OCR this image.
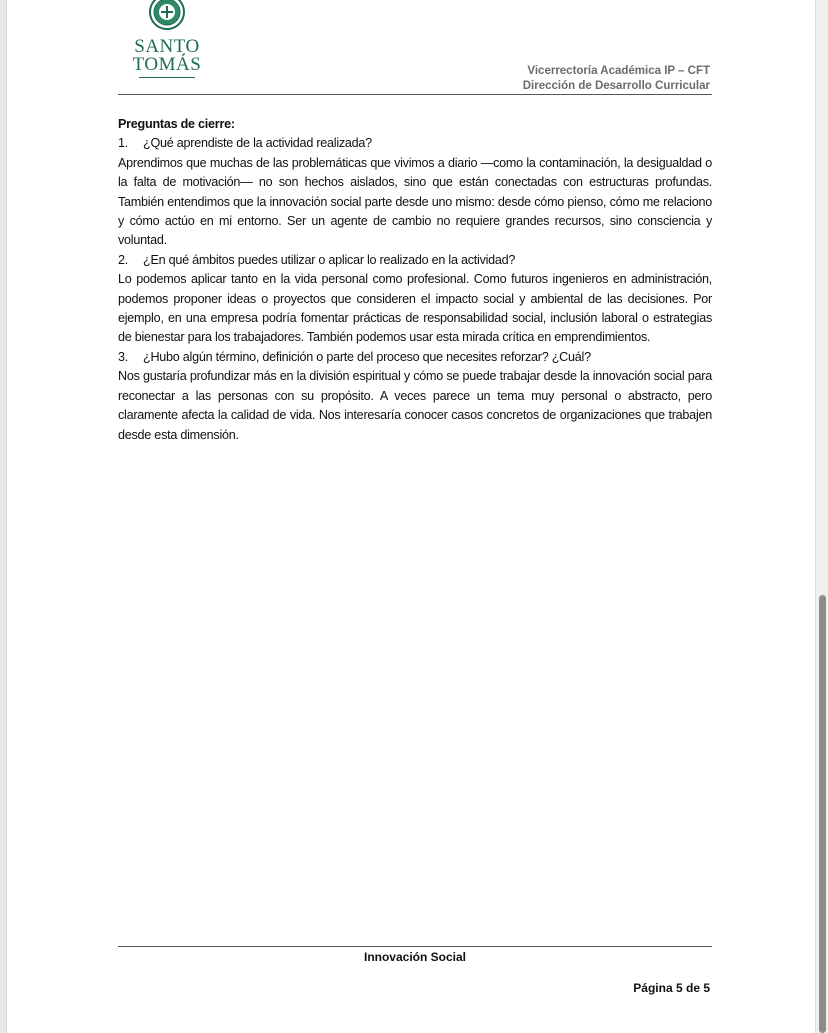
SANTO
TOMÁS	Vicerrectoría Académica IP – CFT
Dirección de Desarrollo Curricular

Preguntas de cierre:

1.	¿Qué aprendiste de la actividad realizada?

Aprendimos que muchas de las problemáticas que vivimos a diario —como la contaminación, la desigualdad o la falta de motivación— no son hechos aislados, sino que están conectadas con estructuras profundas. También entendimos que la innovación social parte desde uno mismo: desde cómo pienso, cómo me relaciono y cómo actúo en mi entorno. Ser un agente de cambio no requiere grandes recursos, sino consciencia y voluntad.

2.	¿En qué ámbitos puedes utilizar o aplicar lo realizado en la actividad?

Lo podemos aplicar tanto en la vida personal como profesional. Como futuros ingenieros en administración, podemos proponer ideas o proyectos que consideren el impacto social y ambiental de las decisiones. Por ejemplo, en una empresa podría fomentar prácticas de responsabilidad social, inclusión laboral o estrategias de bienestar para los trabajadores. También podemos usar esta mirada crítica en emprendimientos.

3.	¿Hubo algún término, definición o parte del proceso que necesites reforzar? ¿Cuál?

Nos gustaría profundizar más en la división espiritual y cómo se puede trabajar desde la innovación social para reconectar a las personas con su propósito. A veces parece un tema muy personal o abstracto, pero claramente afecta la calidad de vida. Nos interesaría conocer casos concretos de organizaciones que trabajen desde esta dimensión.

Innovación Social
Página 5 de 5
